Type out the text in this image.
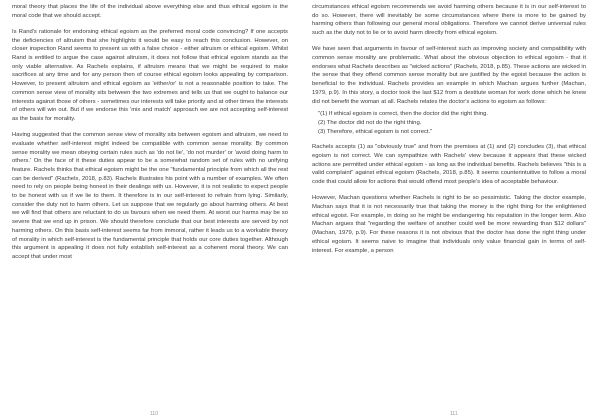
moral theory that places the life of the individual above everything else and thus ethical egoism is the moral code that we should accept.

Is Rand's rationale for endorsing ethical egoism as the preferred moral code convincing? If one accepts the deficiencies of altruism that she highlights it would be easy to reach this conclusion. However, on closer inspection Rand seems to present us with a false choice - either altruism or ethical egoism. Whilst Rand is entitled to argue the case against altruism, it does not follow that ethical egoism stands as the only viable alternative. As Rachels explains, if altruism means that we might be required to make sacrifices at any time and for any person then of course ethical egoism looks appealing by comparison. However, to present altruism and ethical egoism as 'either/or' is not a reasonable position to take. The common sense view of morality sits between the two extremes and tells us that we ought to balance our interests against those of others - sometimes our interests will take priority and at other times the interests of others will win out. But if we endorse this 'mix and match' approach we are not accepting self-interest as the basis for morality.

Having suggested that the common sense view of morality sits between egoism and altruism, we need to evaluate whether self-interest might indeed be compatible with common sense morality. By common sense morality we mean obeying certain rules such as 'do not lie', 'do not murder' or 'avoid doing harm to others.' On the face of it these duties appear to be a somewhat random set of rules with no unifying feature. Rachels thinks that ethical egoism might be the one "fundamental principle from which all the rest can be derived" (Rachels, 2018, p.83). Rachels illustrates his point with a number of examples. We often need to rely on people being honest in their dealings with us. However, it is not realistic to expect people to be honest with us if we lie to them. It therefore is in our self-interest to refrain from lying. Similarly, consider the duty not to harm others. Let us suppose that we regularly go about harming others. At best we will find that others are reluctant to do us favours when we need them. At worst our harms may be so severe that we end up in prison. We should therefore conclude that our best interests are served by not harming others. On this basis self-interest seems far from immoral, rather it leads us to a workable theory of morality in which self-interest is the fundamental principle that holds our core duties together. Although this argument is appealing it does not fully establish self-interest as a coherent moral theory. We can accept that under most

110

circumstances ethical egoism recommends we avoid harming others because it is in our self-interest to do so. However, there will inevitably be some circumstances where there is more to be gained by harming others than following our general moral obligations. Therefore we cannot derive universal rules such as the duty not to lie or to avoid harm directly from ethical egoism.

We have seen that arguments in favour of self-interest such as improving society and compatibility with common sense morality are problematic. What about the obvious objection to ethical egoism - that it endorses what Rachels describes as "wicked actions" (Rachels, 2018, p.85). These actions are wicked in the sense that they offend common sense morality but are justified by the egoist because the action is beneficial to the individual. Rachels provides an example in which Machan argues further (Machan, 1979, p.9). In this story, a doctor took the last $12 from a destitute woman for work done which he knew did not benefit the woman at all. Rachels relates the doctor's actions to egoism as follows:

"(1) If ethical egoism is correct, then the doctor did the right thing.
(2) The doctor did not do the right thing.
(3) Therefore, ethical egoism is not correct."

Rachels accepts (1) as "obviously true" and from the premises at (1) and (2) concludes (3), that ethical egoism is not correct. We can sympathize with Rachels' view because it appears that these wicked actions are permitted under ethical egoism - as long as the individual benefits. Rachels believes "this is a valid complaint" against ethical egoism (Rachels, 2018, p.85). It seems counterintuitive to follow a moral code that could allow for actions that would offend most people's idea of acceptable behaviour.

However, Machan questions whether Rachels is right to be so pessimistic. Taking the doctor example, Machan says that it is not necessarily true that taking the money is the right thing for the enlightened ethical egoist. For example, in doing so he might be endangering his reputation in the longer term. Also Machan argues that "regarding the welfare of another could well be more rewarding than $12 dollars" (Machan, 1979, p.9). For these reasons it is not obvious that the doctor has done the right thing under ethical egoism. It seems naive to imagine that individuals only value financial gain in terms of self-interest. For example, a person

111
